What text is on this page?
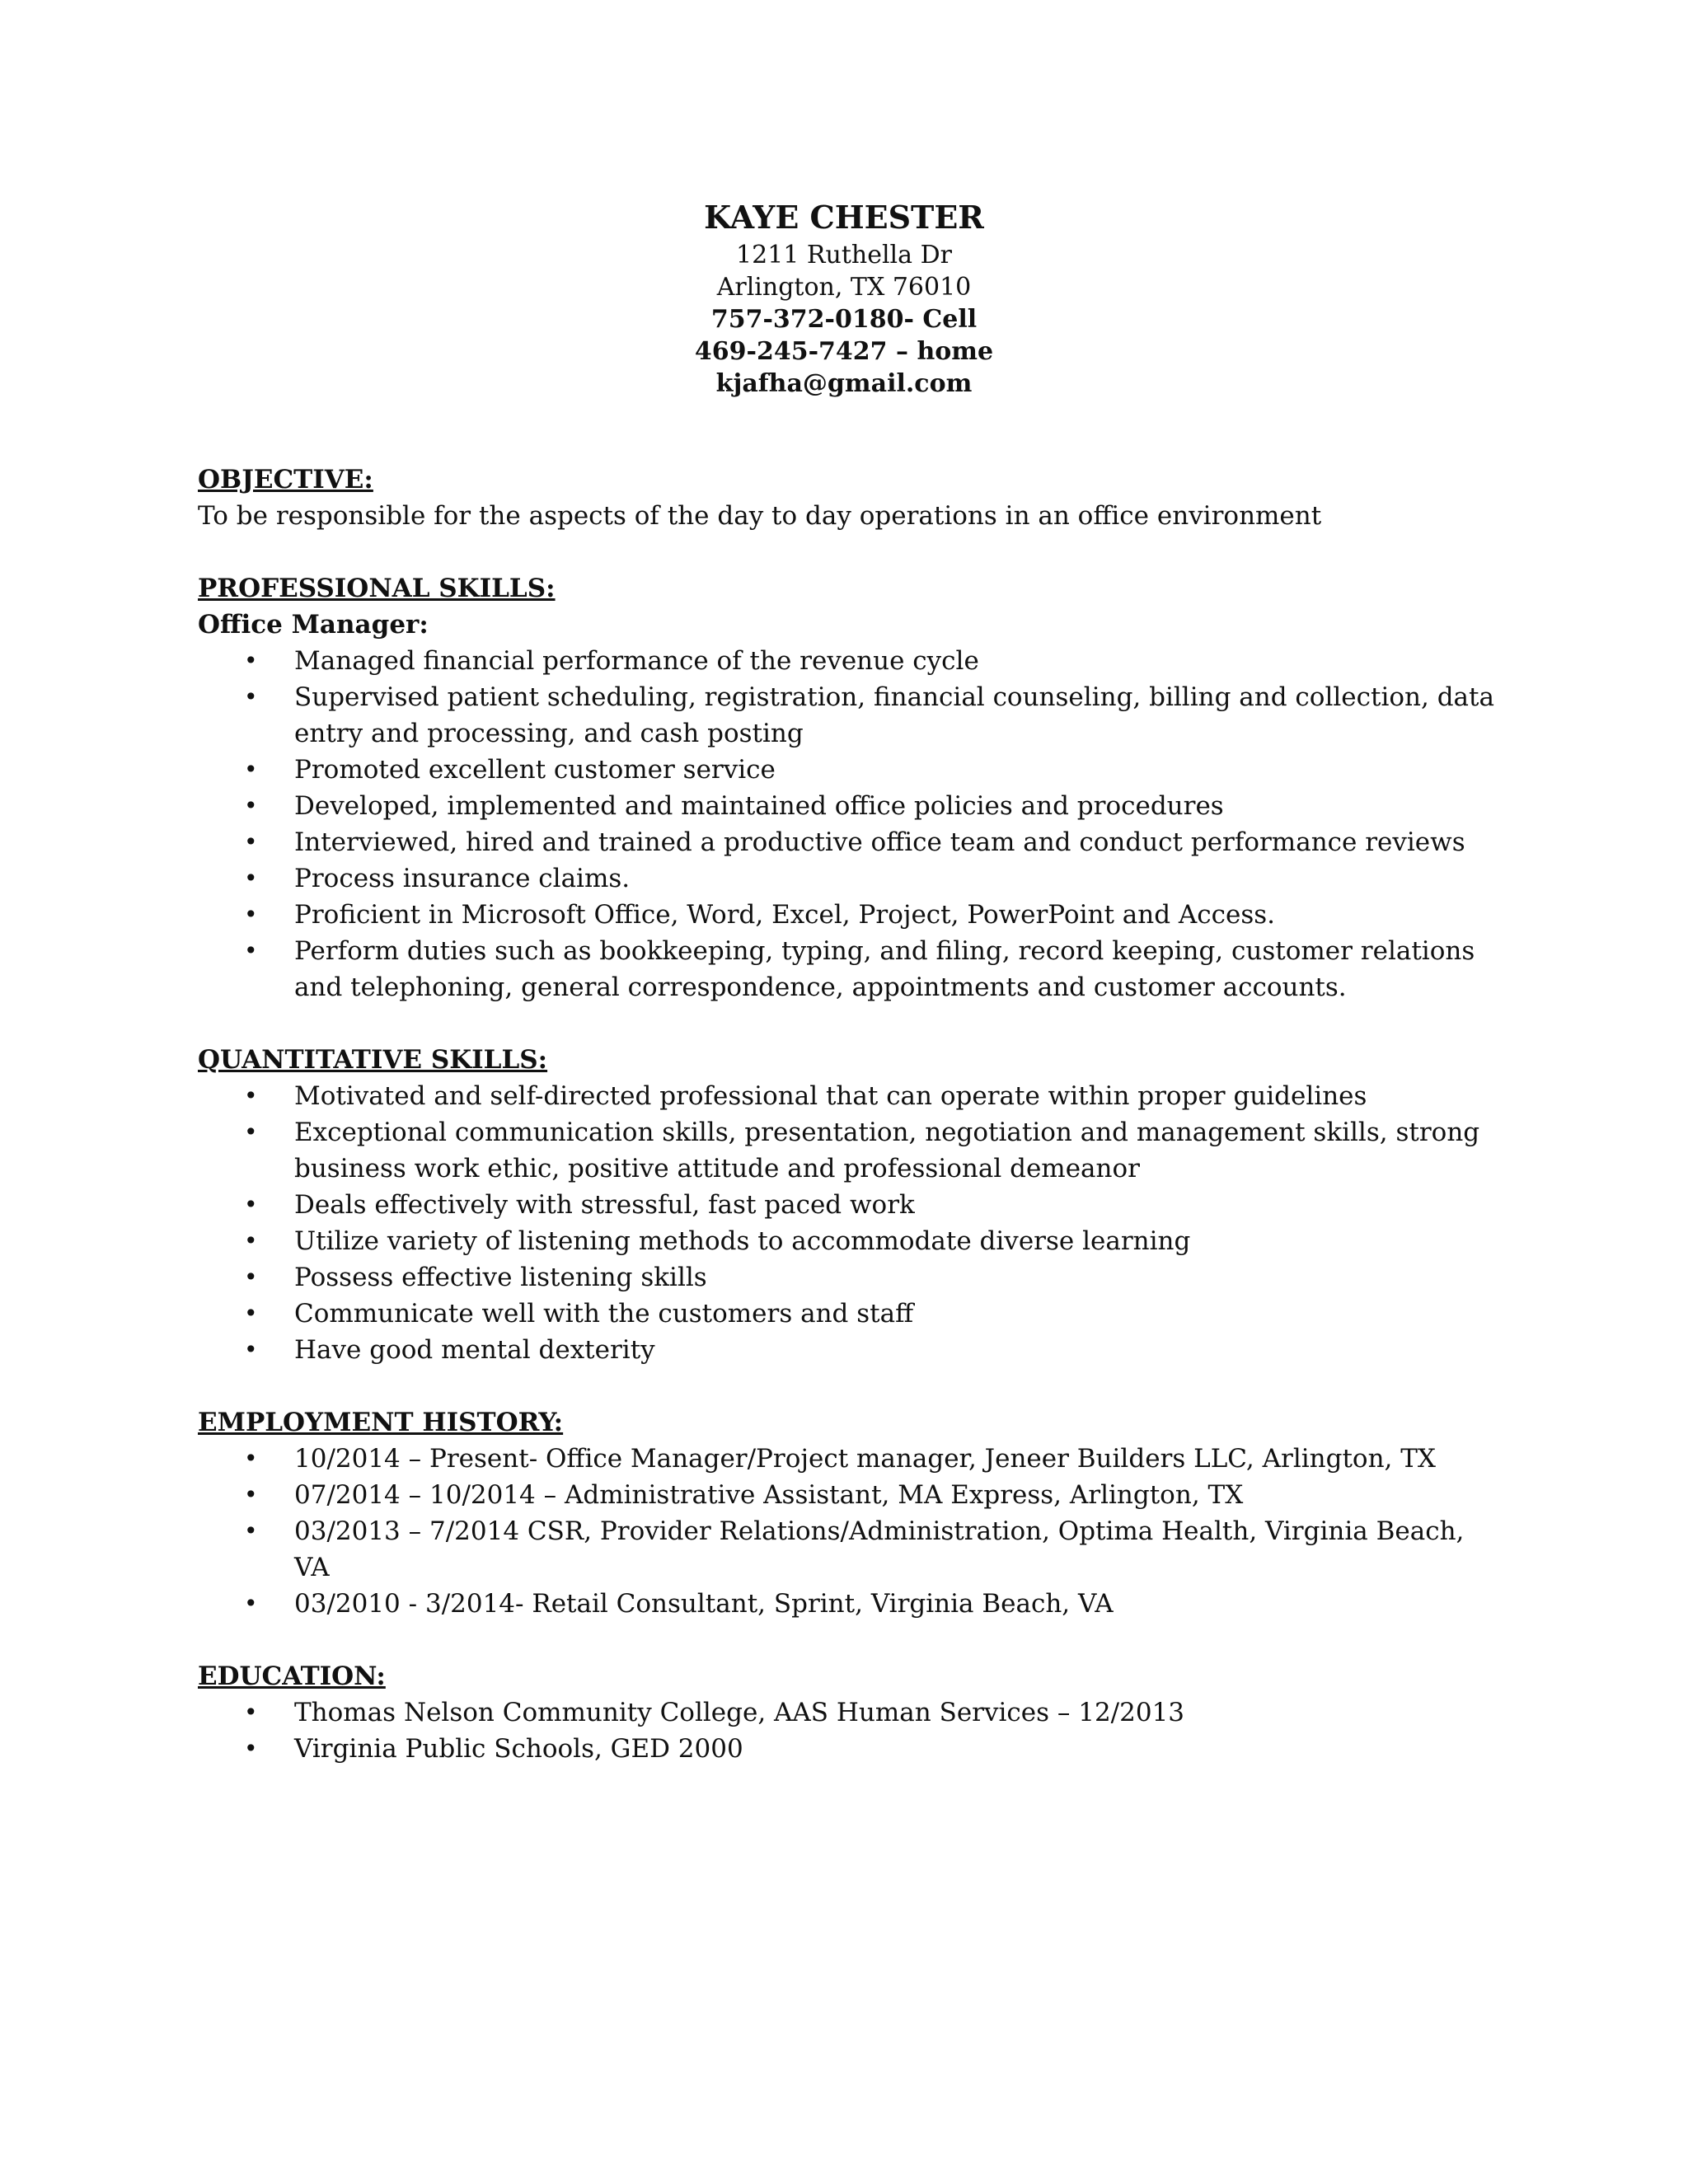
KAYE CHESTER

1211 Ruthella Dr

Arlington, TX 76010

757-372-0180- Cell

469-245-7427 – home

kjafha@gmail.com

OBJECTIVE:

To be responsible for the aspects of the day to day operations in an office environment

PROFESSIONAL SKILLS:

Office Manager:

• Managed financial performance of the revenue cycle
• Supervised patient scheduling, registration, financial counseling, billing and collection, data entry and processing, and cash posting
• Promoted excellent customer service
• Developed, implemented and maintained office policies and procedures
• Interviewed, hired and trained a productive office team and conduct performance reviews
• Process insurance claims.
• Proficient in Microsoft Office, Word, Excel, Project, PowerPoint and Access.
• Perform duties such as bookkeeping, typing, and filing, record keeping, customer relations and telephoning, general correspondence, appointments and customer accounts.

QUANTITATIVE SKILLS:

• Motivated and self-directed professional that can operate within proper guidelines
• Exceptional communication skills, presentation, negotiation and management skills, strong business work ethic, positive attitude and professional demeanor
• Deals effectively with stressful, fast paced work
• Utilize variety of listening methods to accommodate diverse learning
• Possess effective listening skills
• Communicate well with the customers and staff
• Have good mental dexterity

EMPLOYMENT HISTORY:

• 10/2014 – Present- Office Manager/Project manager, Jeneer Builders LLC, Arlington, TX
• 07/2014 – 10/2014 – Administrative Assistant, MA Express, Arlington, TX
• 03/2013 – 7/2014 CSR, Provider Relations/Administration, Optima Health, Virginia Beach, VA
• 03/2010 - 3/2014- Retail Consultant, Sprint, Virginia Beach, VA

EDUCATION:

• Thomas Nelson Community College, AAS Human Services – 12/2013
• Virginia Public Schools, GED 2000
